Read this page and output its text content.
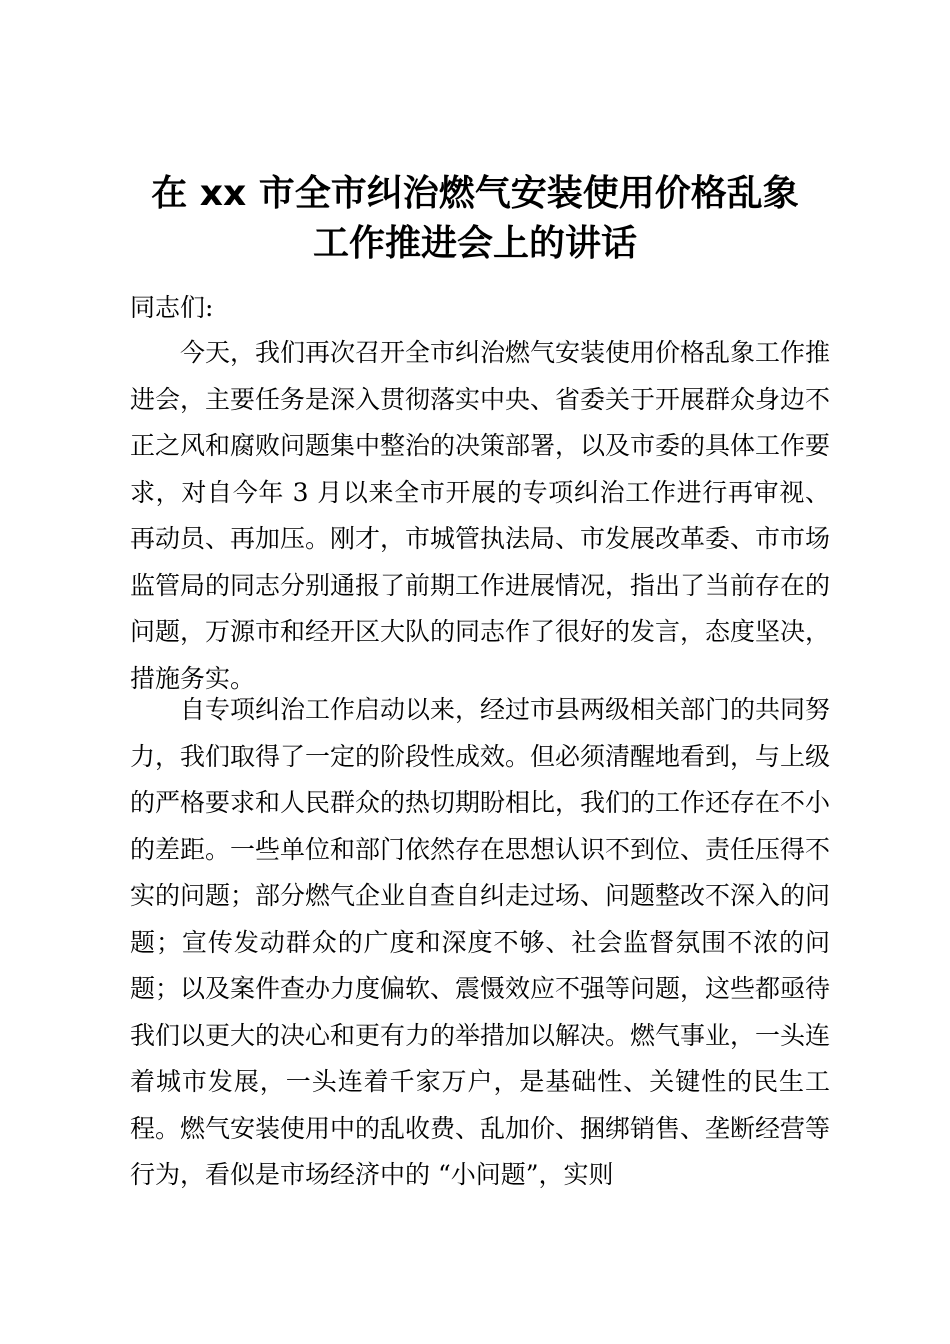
在 xx 市全市纠治燃气安装使用价格乱象
工作推进会上的讲话

同志们:

今天，我们再次召开全市纠治燃气安装使用价格乱象工作推进会，主要任务是深入贯彻落实中央、省委关于开展群众身边不正之风和腐败问题集中整治的决策部署，以及市委的具体工作要求，对自今年 3 月以来全市开展的专项纠治工作进行再审视、再动员、再加压。刚才，市城管执法局、市发展改革委、市市场监管局的同志分别通报了前期工作进展情况，指出了当前存在的问题，万源市和经开区大队的同志作了很好的发言，态度坚决，措施务实。

自专项纠治工作启动以来，经过市县两级相关部门的共同努力，我们取得了一定的阶段性成效。但必须清醒地看到，与上级的严格要求和人民群众的热切期盼相比，我们的工作还存在不小的差距。一些单位和部门依然存在思想认识不到位、责任压得不实的问题；部分燃气企业自查自纠走过场、问题整改不深入的问题；宣传发动群众的广度和深度不够、社会监督氛围不浓的问题；以及案件查办力度偏软、震慑效应不强等问题，这些都亟待我们以更大的决心和更有力的举措加以解决。燃气事业，一头连着城市发展，一头连着千家万户，是基础性、关键性的民生工程。燃气安装使用中的乱收费、乱加价、捆绑销售、垄断经营等行为，看似是市场经济中的 “小问题”，实则
